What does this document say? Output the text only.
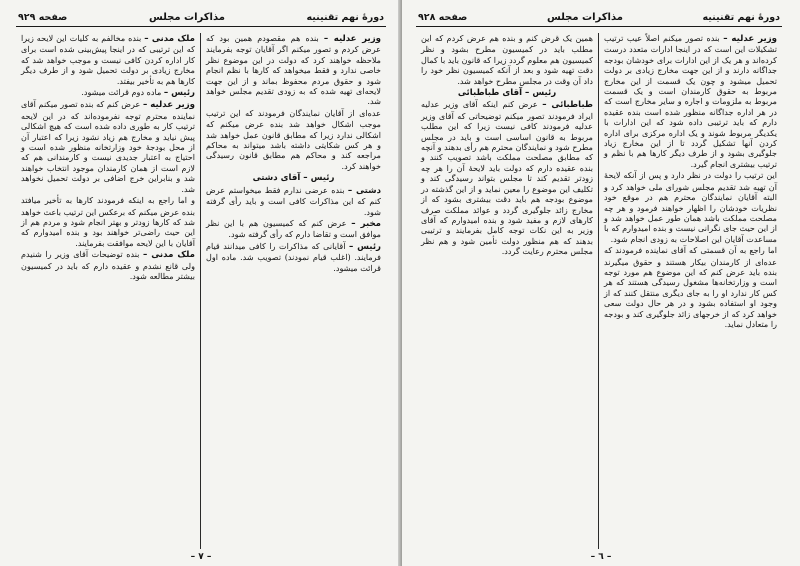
دورهٔ نهم تقنینیه
مذاکرات مجلس
صفحه ۹۲۹

وزیر عدلیه – بنده هم مقصودم همین بود که عرض کردم و تصور میکنم اگر آقایان توجه بفرمایند ملاحظه خواهند کرد که دولت در این موضوع نظر خاصی ندارد و فقط میخواهد که کارها با نظم انجام شود و حقوق مردم محفوظ بماند و از این جهت لایحه‌ای تهیه شده که به زودی تقدیم مجلس خواهد شد.

عده‌ای از آقایان نمایندگان فرمودند که این ترتیب موجب اشکال خواهد شد بنده عرض میکنم که اشکالی ندارد زیرا که مطابق قانون عمل خواهد شد و هر کس شکایتی داشته باشد میتواند به محاکم مراجعه کند و محاکم هم مطابق قانون رسیدگی خواهند کرد.

رئیس – آقای دشتی

دشتی – بنده عرضی ندارم فقط میخواستم عرض کنم که این مذاکرات کافی است و باید رأی گرفته شود.

مخبر – عرض کنم که کمیسیون هم با این نظر موافق است و تقاضا دارم که رأی گرفته شود.

رئیس – آقایانی که مذاکرات را کافی میدانند قیام فرمایند. (اغلب قیام نمودند) تصویب شد. ماده اول قرائت میشود.

ملک مدنی – بنده مخالفم به کلیات این لایحه زیرا که این ترتیبی که در اینجا پیش‌بینی شده است برای کار اداره کردن کافی نیست و موجب خواهد شد که مخارج زیادی بر دولت تحمیل شود و از طرف دیگر کارها هم به تأخیر بیفتد.

رئیس – ماده دوم قرائت میشود.

وزیر عدلیه – عرض کنم که بنده تصور میکنم آقای نماینده محترم توجه نفرموده‌اند که در این لایحه ترتیب کار به طوری داده شده است که هیچ اشکالی پیش نیاید و مخارج هم زیاد نشود زیرا که اعتبار آن از محل بودجهٔ خود وزارتخانه منظور شده است و احتیاج به اعتبار جدیدی نیست و کارمندانی هم که لازم است از همان کارمندان موجود انتخاب خواهند شد و بنابراین خرج اضافی بر دولت تحمیل نخواهد شد.

و اما راجع به اینکه فرمودند کارها به تأخیر میافتد بنده عرض میکنم که برعکس این ترتیب باعث خواهد شد که کارها زودتر و بهتر انجام شود و مردم هم از این حیث راضی‌تر خواهند بود و بنده امیدوارم که آقایان با این لایحه موافقت بفرمایند.

ملک مدنی – بنده توضیحات آقای وزیر را شنیدم ولی قانع نشدم و عقیده دارم که باید در کمیسیون بیشتر مطالعه شود.

– ٧ –
دورهٔ نهم تقنینیه
مذاکرات مجلس
صفحه ۹۲۸

وزیر عدلیه – بنده تصور میکنم اصلاً عیب ترتیب تشکیلات این است که در اینجا ادارات متعدد درست کرده‌اند و هر یک از این ادارات برای خودشان بودجه جداگانه دارند و از این جهت مخارج زیادی بر دولت تحمیل میشود و چون یک قسمت از این مخارج مربوط به حقوق کارمندان است و یک قسمت مربوط به ملزومات و اجاره و سایر مخارج است که در هر اداره جداگانه منظور شده است بنده عقیده دارم که باید ترتیبی داده شود که این ادارات با یکدیگر مربوط شوند و یک اداره مرکزی برای اداره کردن آنها تشکیل گردد تا از این مخارج زیاد جلوگیری بشود و از طرف دیگر کارها هم با نظم و ترتیب بیشتری انجام گیرد.

این ترتیب را دولت در نظر دارد و پس از آنکه لایحهٔ آن تهیه شد تقدیم مجلس شورای ملی خواهد کرد و البته آقایان نمایندگان محترم هم در موقع خود نظریات خودشان را اظهار خواهند فرمود و هر چه مصلحت مملکت باشد همان طور عمل خواهد شد و از این حیث جای نگرانی نیست و بنده امیدوارم که با مساعدت آقایان این اصلاحات به زودی انجام شود.

اما راجع به آن قسمتی که آقای نماینده فرمودند که عده‌ای از کارمندان بیکار هستند و حقوق میگیرند بنده باید عرض کنم که این موضوع هم مورد توجه است و وزارتخانه‌ها مشغول رسیدگی هستند که هر کس کار ندارد او را به جای دیگری منتقل کنند که از وجود او استفاده بشود و در هر حال دولت سعی خواهد کرد که از خرجهای زائد جلوگیری کند و بودجه را متعادل نماید.

همین یک قرض کنم و بنده هم عرض کردم که این مطلب باید در کمیسیون مطرح بشود و نظر کمیسیون هم معلوم گردد زیرا که قانون باید با کمال دقت تهیه شود و بعد از آنکه کمیسیون نظر خود را داد آن وقت در مجلس مطرح خواهد شد.

رئیس – آقای طباطبائی

طباطبائی – عرض کنم اینکه آقای وزیر عدلیه ایراد فرمودند تصور میکنم توضیحاتی که آقای وزیر عدلیه فرمودند کافی نیست زیرا که این مطلب مربوط به قانون اساسی است و باید در مجلس مطرح شود و نمایندگان محترم هم رأی بدهند و آنچه که مطابق مصلحت مملکت باشد تصویب کنند و بنده عقیده دارم که دولت باید لایحهٔ آن را هر چه زودتر تقدیم کند تا مجلس بتواند رسیدگی کند و تکلیف این موضوع را معین نماید و از این گذشته در موضوع بودجه هم باید دقت بیشتری بشود که از مخارج زائد جلوگیری گردد و عوائد مملکت صرف کارهای لازم و مفید شود و بنده امیدوارم که آقای وزیر به این نکات توجه کامل بفرمایند و ترتیبی بدهند که هم منظور دولت تأمین شود و هم نظر مجلس محترم رعایت گردد.

– ٦ –
